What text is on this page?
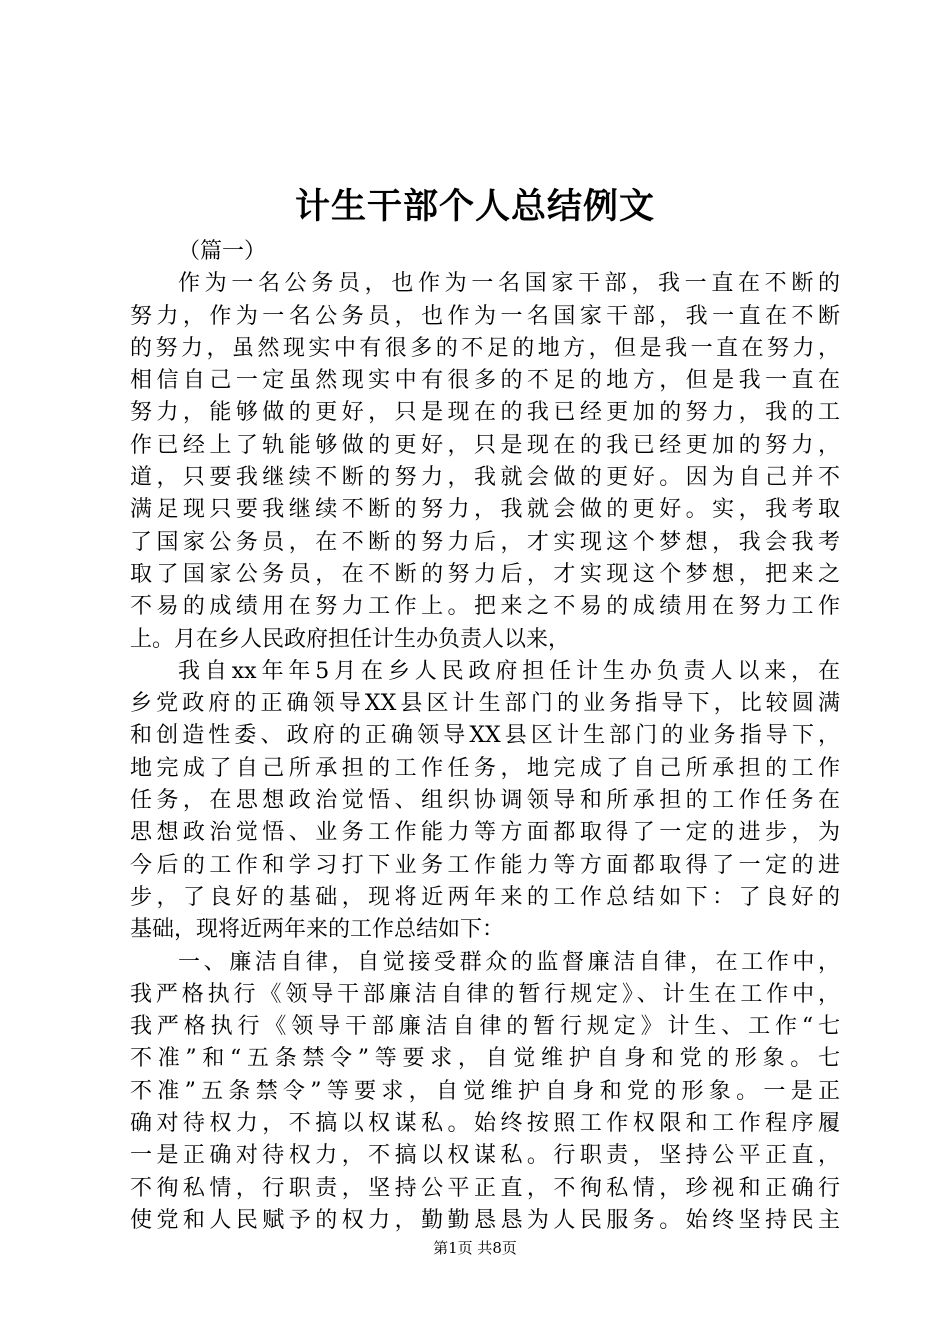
计生干部个人总结例文
（篇一）
作为一名公务员，也作为一名国家干部，我一直在不断的
努力，作为一名公务员，也作为一名国家干部，我一直在不断
的努力，虽然现实中有很多的不足的地方，但是我一直在努力，
相信自己一定虽然现实中有很多的不足的地方，但是我一直在
努力，能够做的更好，只是现在的我已经更加的努力，我的工
作已经上了轨能够做的更好，只是现在的我已经更加的努力，
道，只要我继续不断的努力，我就会做的更好。因为自己并不
满足现只要我继续不断的努力，我就会做的更好。实，我考取
了国家公务员，在不断的努力后，才实现这个梦想，我会我考
取了国家公务员，在不断的努力后，才实现这个梦想，把来之
不易的成绩用在努力工作上。把来之不易的成绩用在努力工作
上。月在乡人民政府担任计生办负责人以来，
我自xx年年5月在乡人民政府担任计生办负责人以来，在
乡党政府的正确领导XX县区计生部门的业务指导下，比较圆满
和创造性委、政府的正确领导XX县区计生部门的业务指导下，
地完成了自己所承担的工作任务，地完成了自己所承担的工作
任务，在思想政治觉悟、组织协调领导和所承担的工作任务在
思想政治觉悟、业务工作能力等方面都取得了一定的进步，为
今后的工作和学习打下业务工作能力等方面都取得了一定的进
步，了良好的基础，现将近两年来的工作总结如下：了良好的
基础，现将近两年来的工作总结如下：
一、廉洁自律，自觉接受群众的监督廉洁自律，在工作中，
我严格执行《领导干部廉洁自律的暂行规定》、计生在工作中，
我严格执行《领导干部廉洁自律的暂行规定》计生、工作“七
不准”和“五条禁令”等要求，自觉维护自身和党的形象。七
不准”五条禁令”等要求，自觉维护自身和党的形象。一是正
确对待权力，不搞以权谋私。始终按照工作权限和工作程序履
一是正确对待权力，不搞以权谋私。行职责，坚持公平正直，
不徇私情，行职责，坚持公平正直，不徇私情，珍视和正确行
使党和人民赋予的权力，勤勤恳恳为人民服务。始终坚持民主
第1页 共8页
